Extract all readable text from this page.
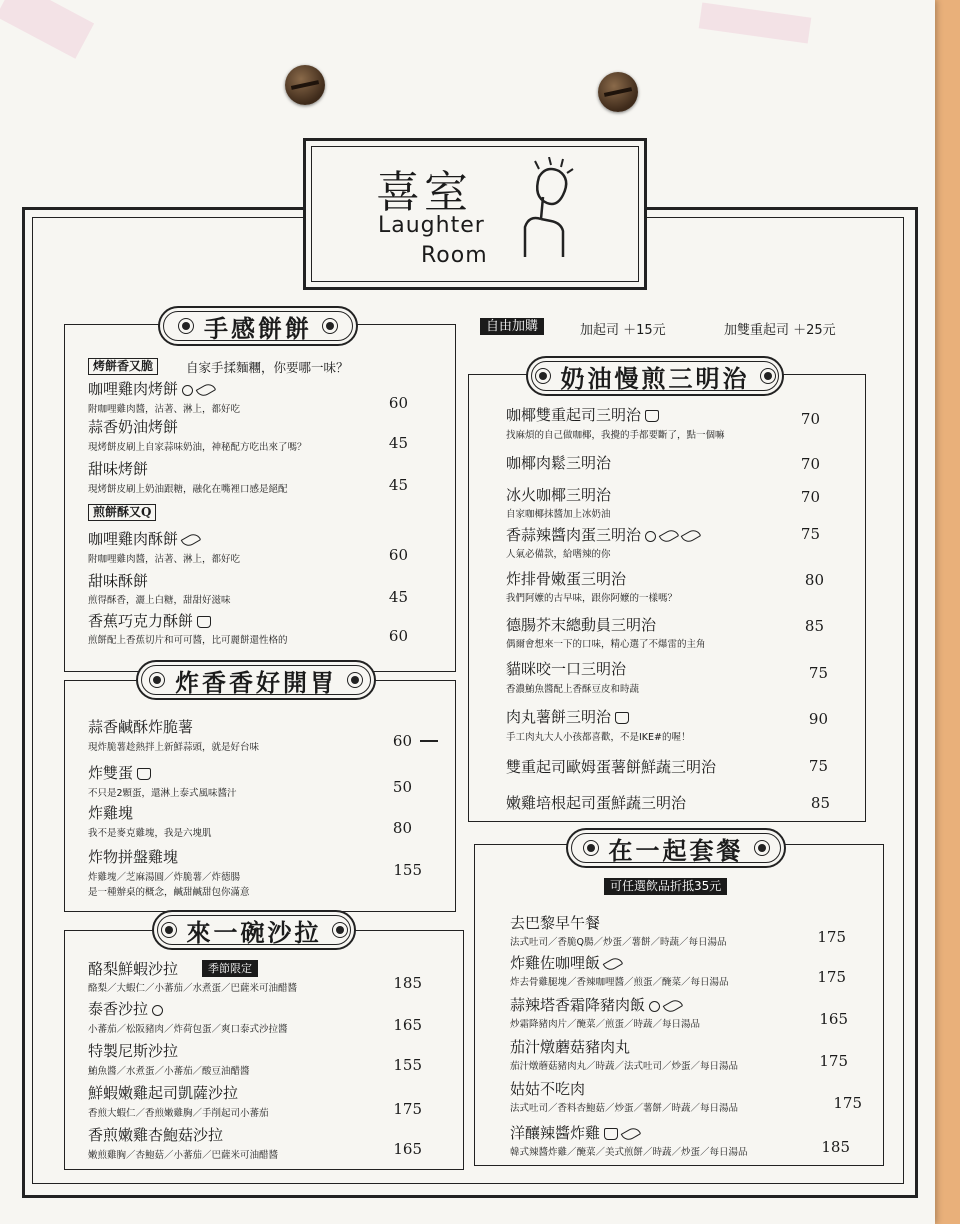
喜室
Laughter
Room
手感餅餅
烤餅香又脆	自家手揉麵糰，你要哪一味？
咖哩雞肉烤餅
附咖哩雞肉醬，沾著、淋上，都好吃	60
蒜香奶油烤餅
現烤餅皮刷上自家蒜味奶油，神秘配方吃出來了嗎？	45
甜味烤餅
現烤餅皮刷上奶油跟糖，融化在嘴裡口感是絕配	45
煎餅酥又Q
咖哩雞肉酥餅
附咖哩雞肉醬，沾著、淋上，都好吃	60
甜味酥餅
煎得酥香，灑上白糖，甜甜好滋味	45
香蕉巧克力酥餅
煎餅配上香蕉切片和可可醬，比可麗餅還性格的	60
炸香香好開胃
蒜香鹹酥炸脆薯
現炸脆薯趁熱拌上新鮮蒜頭，就是好台味	60
炸雙蛋
不只是2顆蛋，還淋上泰式風味醬汁	50
炸雞塊
我不是麥克雞塊，我是六塊肌	80
炸物拼盤雞塊
炸雞塊／芝麻湯圓／炸脆薯／炸德腸
是一種辦桌的概念，鹹甜鹹甜包你滿意
155
來一碗沙拉
酪梨鮮蝦沙拉	季節限定
酪梨／大蝦仁／小蕃茄／水煮蛋／巴薩米可油醋醬	185
泰香沙拉
小蕃茄／松阪豬肉／炸荷包蛋／爽口泰式沙拉醬	165
特製尼斯沙拉
鮪魚醬／水煮蛋／小蕃茄／酸豆油醋醬	155
鮮蝦嫩雞起司凱薩沙拉
香煎大蝦仁／香煎嫩雞胸／手削起司小蕃茄	175
香煎嫩雞杏鮑菇沙拉
嫩煎雞胸／杏鮑菇／小蕃茄／巴薩米可油醋醬	165
自由加購	加起司 ＋15元	加雙重起司 ＋25元
奶油慢煎三明治
咖椰雙重起司三明治
找麻煩的自己做咖椰，我攪的手都要斷了，點一個嘛
70
咖椰肉鬆三明治	70
冰火咖椰三明治
自家咖椰抹醬加上冰奶油
70
香蒜辣醬肉蛋三明治
人氣必備款，給嗜辣的你
75
炸排骨嫩蛋三明治
我們阿嬤的古早味，跟你阿嬤的一樣嗎？
80
德腸芥末總動員三明治
偶爾會想來一下的口味，精心選了不爆雷的主角
85
貓咪咬一口三明治
香濃鮪魚醬配上香酥豆皮和時蔬
75
肉丸薯餅三明治
手工肉丸大人小孩都喜歡，不是IKE#的喔！
90
雙重起司歐姆蛋薯餅鮮蔬三明治	75
嫩雞培根起司蛋鮮蔬三明治	85
在一起套餐
可任選飲品折抵35元
去巴黎早午餐
法式吐司／香脆Q腸／炒蛋／薯餅／時蔬／每日湯品	175
炸雞佐咖哩飯
炸去骨雞腿塊／香辣咖哩醬／煎蛋／醃菜／每日湯品	175
蒜辣塔香霜降豬肉飯
炒霜降豬肉片／醃菜／煎蛋／時蔬／每日湯品	165
茄汁燉蘑菇豬肉丸
茄汁燉蘑菇豬肉丸／時蔬／法式吐司／炒蛋／每日湯品	175
姑姑不吃肉
法式吐司／香料杏鮑菇／炒蛋／薯餅／時蔬／每日湯品	175
洋釀辣醬炸雞
韓式辣醬炸雞／醃菜／美式煎餅／時蔬／炒蛋／每日湯品	185
